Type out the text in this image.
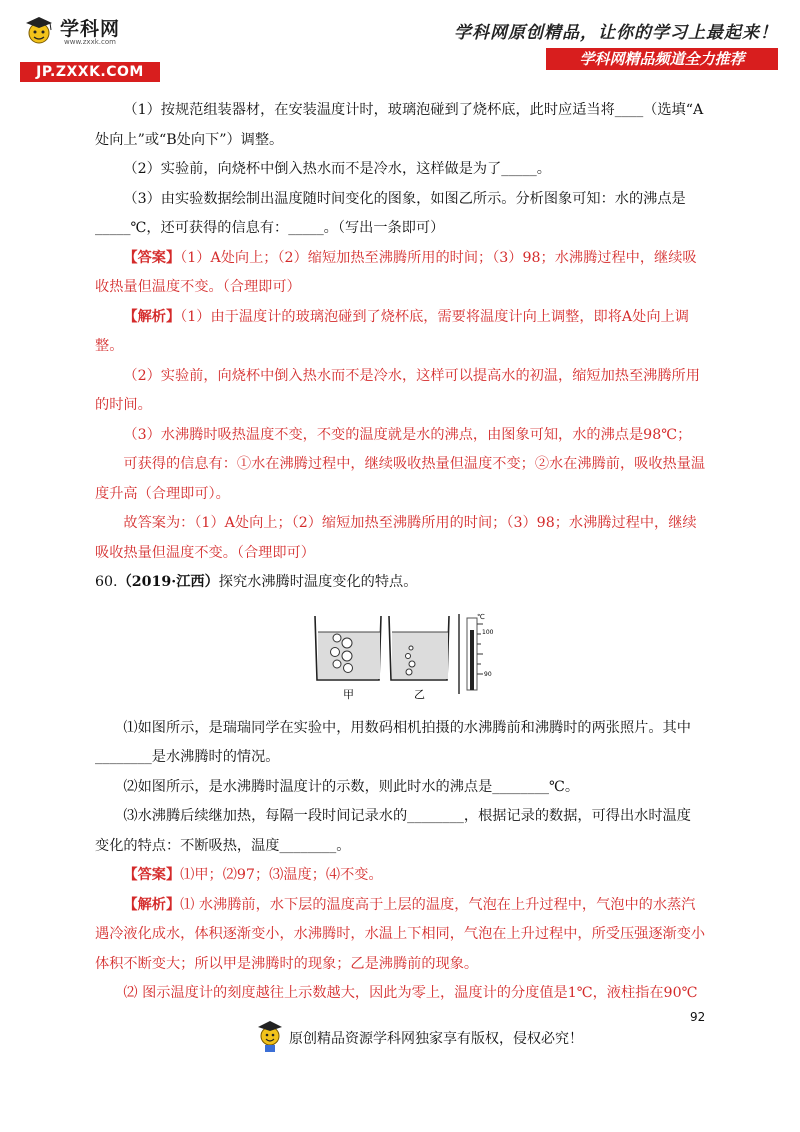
学科网
www.zxxk.com
JP.ZXXK.COM
学科网原创精品，让你的学习上最起来！
学科网精品频道全力推荐

（1）按规范组装器材，在安装温度计时，玻璃泡碰到了烧杯底，此时应适当将____（选填“A

处向上”或“B处向下”）调整。

（2）实验前，向烧杯中倒入热水而不是冷水，这样做是为了_____。

（3）由实验数据绘制出温度随时间变化的图象，如图乙所示。分析图象可知：水的沸点是

_____℃，还可获得的信息有：_____。（写出一条即可）

【答案】（1）A处向上；（2）缩短加热至沸腾所用的时间；（3）98；水沸腾过程中，继续吸

收热量但温度不变。（合理即可）

【解析】（1）由于温度计的玻璃泡碰到了烧杯底，需要将温度计向上调整，即将A处向上调

整。

（2）实验前，向烧杯中倒入热水而不是冷水，这样可以提高水的初温，缩短加热至沸腾所用

的时间。

（3）水沸腾时吸热温度不变，不变的温度就是水的沸点，由图象可知，水的沸点是98℃；

可获得的信息有：①水在沸腾过程中，继续吸收热量但温度不变；②水在沸腾前，吸收热量温

度升高（合理即可）。

故答案为：（1）A处向上；（2）缩短加热至沸腾所用的时间；（3）98；水沸腾过程中，继续

吸收热量但温度不变。（合理即可）

60.（2019·江西）探究水沸腾时温度变化的特点。

甲	乙
℃
100
90

⑴如图所示，是瑞瑞同学在实验中，用数码相机拍摄的水沸腾前和沸腾时的两张照片。其中

________是水沸腾时的情况。

⑵如图所示，是水沸腾时温度计的示数，则此时水的沸点是________℃。

⑶水沸腾后续继加热，每隔一段时间记录水的________，根据记录的数据，可得出水时温度

变化的特点：不断吸热，温度________。

【答案】⑴甲；⑵97；⑶温度；⑷不变。

【解析】⑴ 水沸腾前，水下层的温度高于上层的温度，气泡在上升过程中，气泡中的水蒸汽

遇冷液化成水，体积逐渐变小，水沸腾时，水温上下相同，气泡在上升过程中，所受压强逐渐变小

体积不断变大；所以甲是沸腾时的现象；乙是沸腾前的现象。

⑵ 图示温度计的刻度越往上示数越大，因此为零上，温度计的分度值是1℃，液柱指在90℃

92
原创精品资源学科网独家享有版权，侵权必究！
